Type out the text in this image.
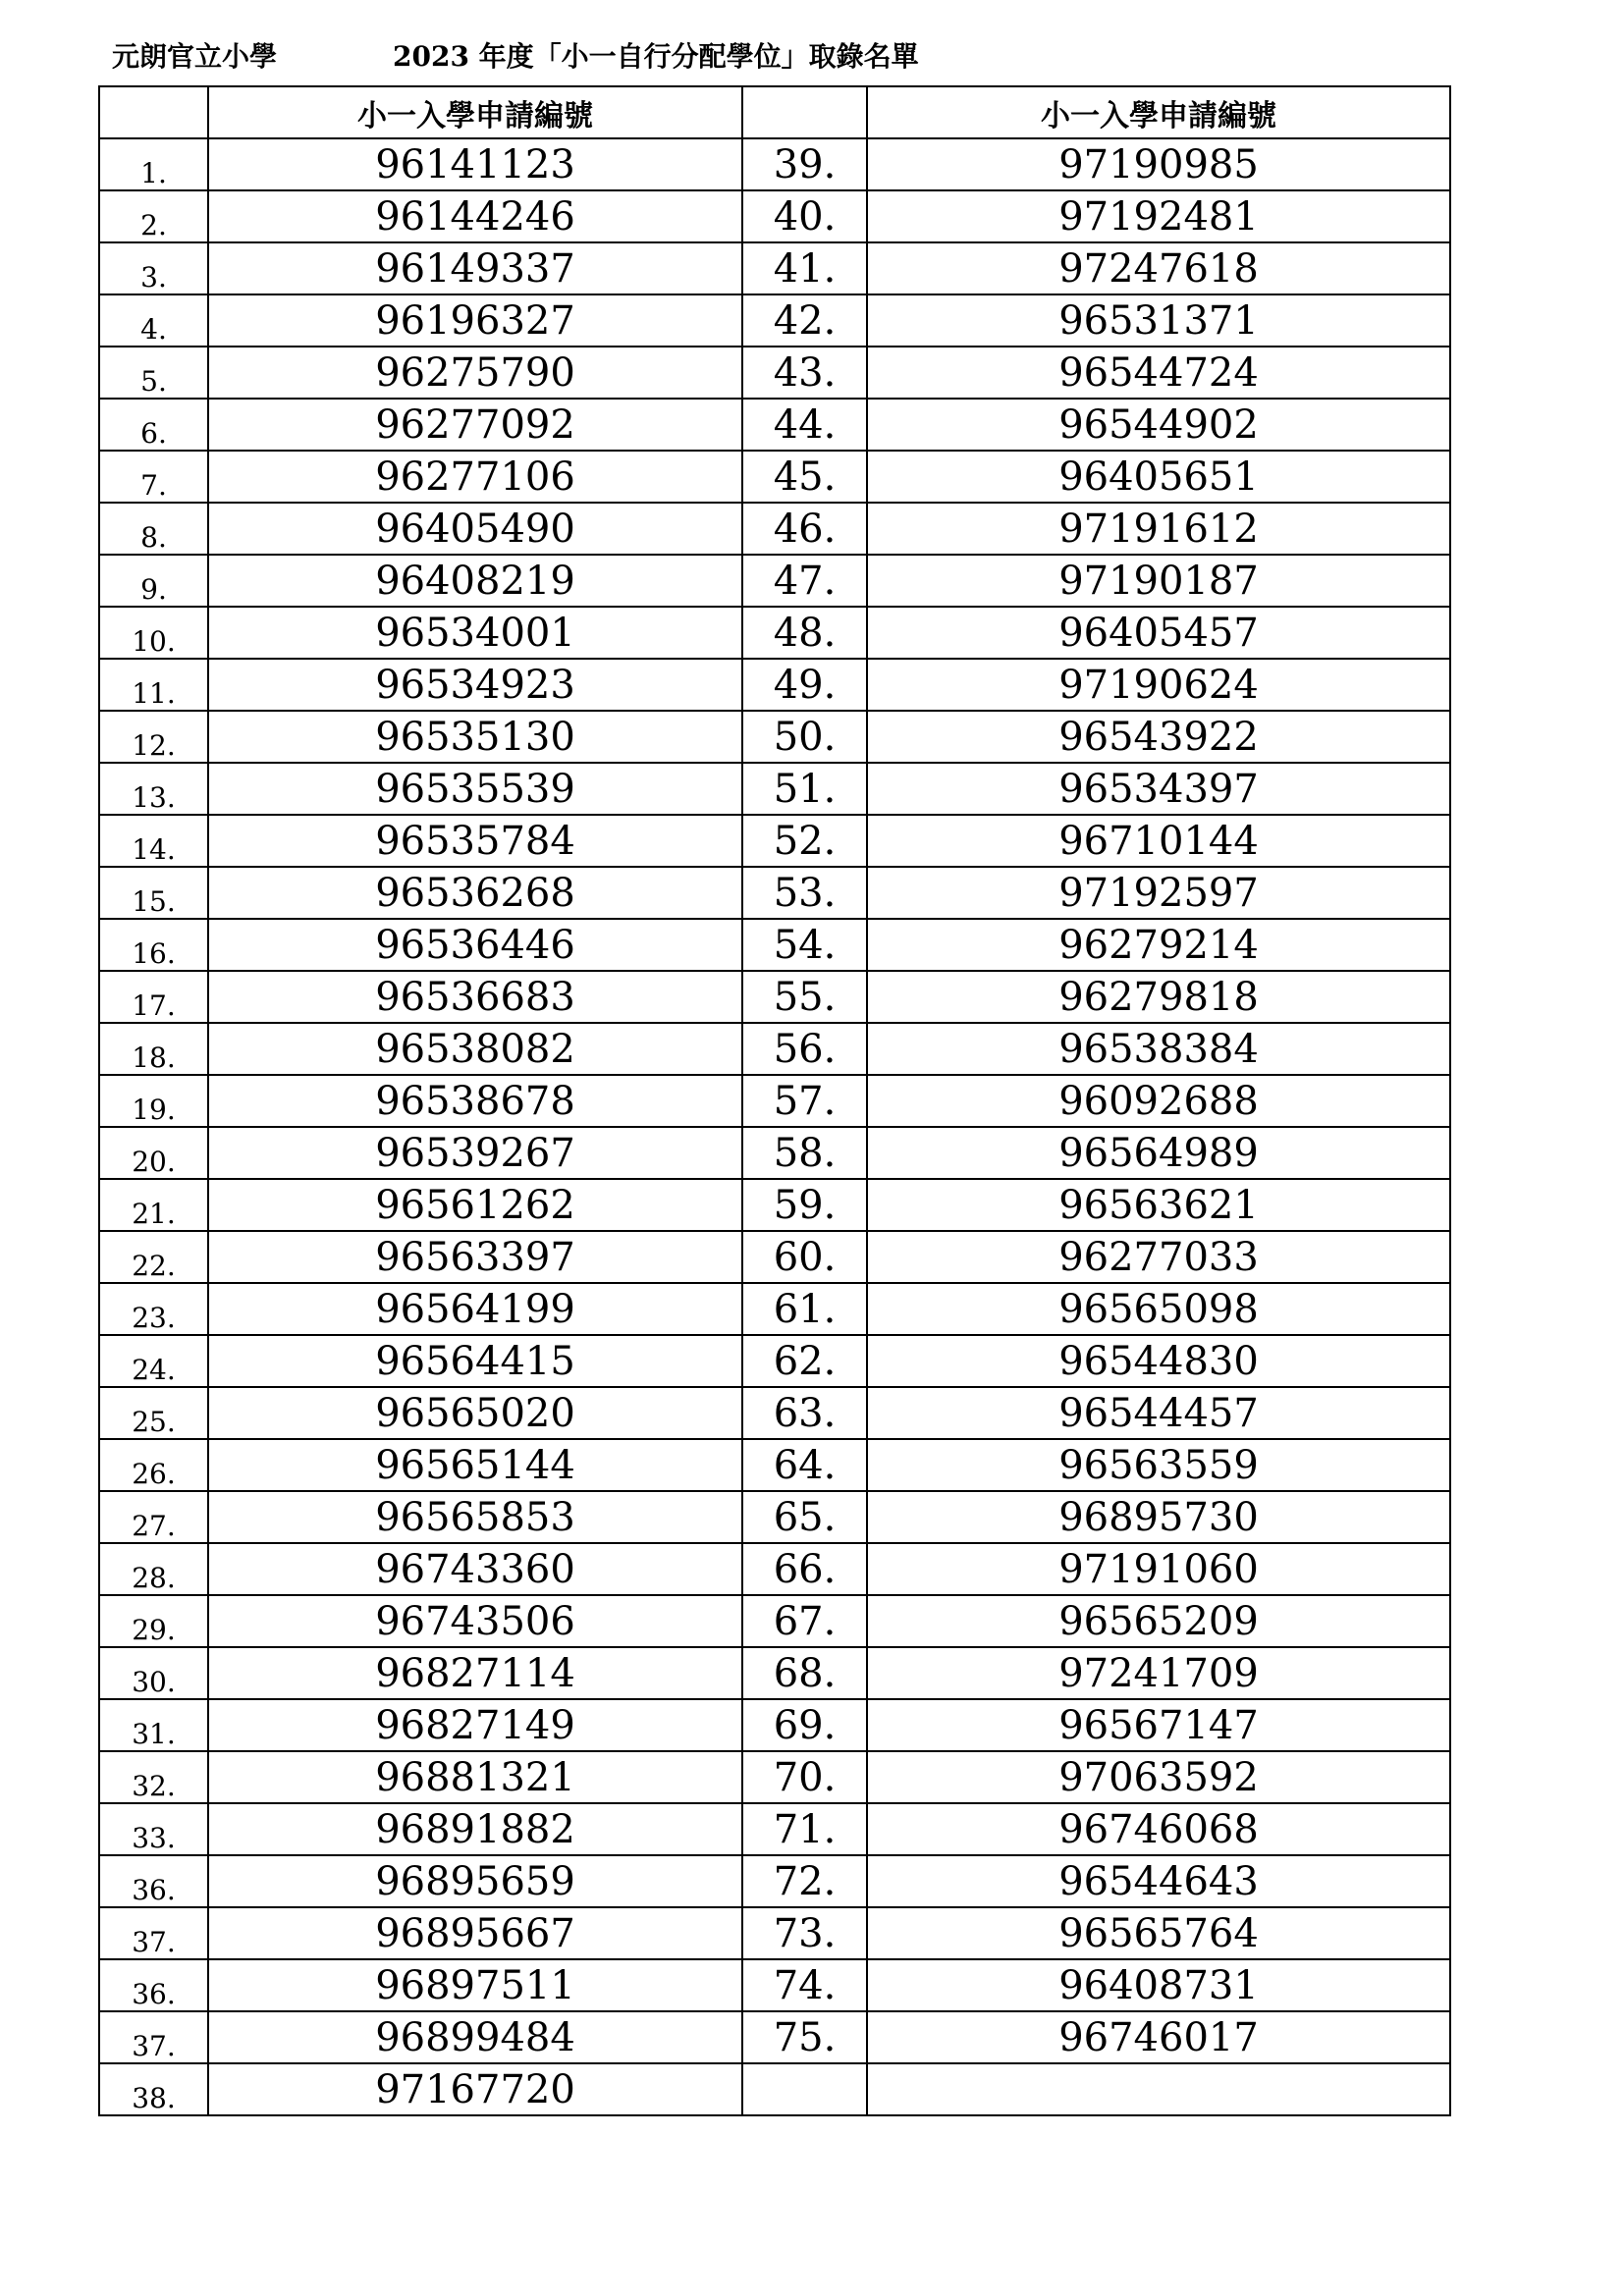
元朗官立小學	2023 年度「小一自行分配學位」取錄名單
	小一入學申請編號		小一入學申請編號
1.	96141123	39.	97190985
2.	96144246	40.	97192481
3.	96149337	41.	97247618
4.	96196327	42.	96531371
5.	96275790	43.	96544724
6.	96277092	44.	96544902
7.	96277106	45.	96405651
8.	96405490	46.	97191612
9.	96408219	47.	97190187
10.	96534001	48.	96405457
11.	96534923	49.	97190624
12.	96535130	50.	96543922
13.	96535539	51.	96534397
14.	96535784	52.	96710144
15.	96536268	53.	97192597
16.	96536446	54.	96279214
17.	96536683	55.	96279818
18.	96538082	56.	96538384
19.	96538678	57.	96092688
20.	96539267	58.	96564989
21.	96561262	59.	96563621
22.	96563397	60.	96277033
23.	96564199	61.	96565098
24.	96564415	62.	96544830
25.	96565020	63.	96544457
26.	96565144	64.	96563559
27.	96565853	65.	96895730
28.	96743360	66.	97191060
29.	96743506	67.	96565209
30.	96827114	68.	97241709
31.	96827149	69.	96567147
32.	96881321	70.	97063592
33.	96891882	71.	96746068
36.	96895659	72.	96544643
37.	96895667	73.	96565764
36.	96897511	74.	96408731
37.	96899484	75.	96746017
38.	97167720		
